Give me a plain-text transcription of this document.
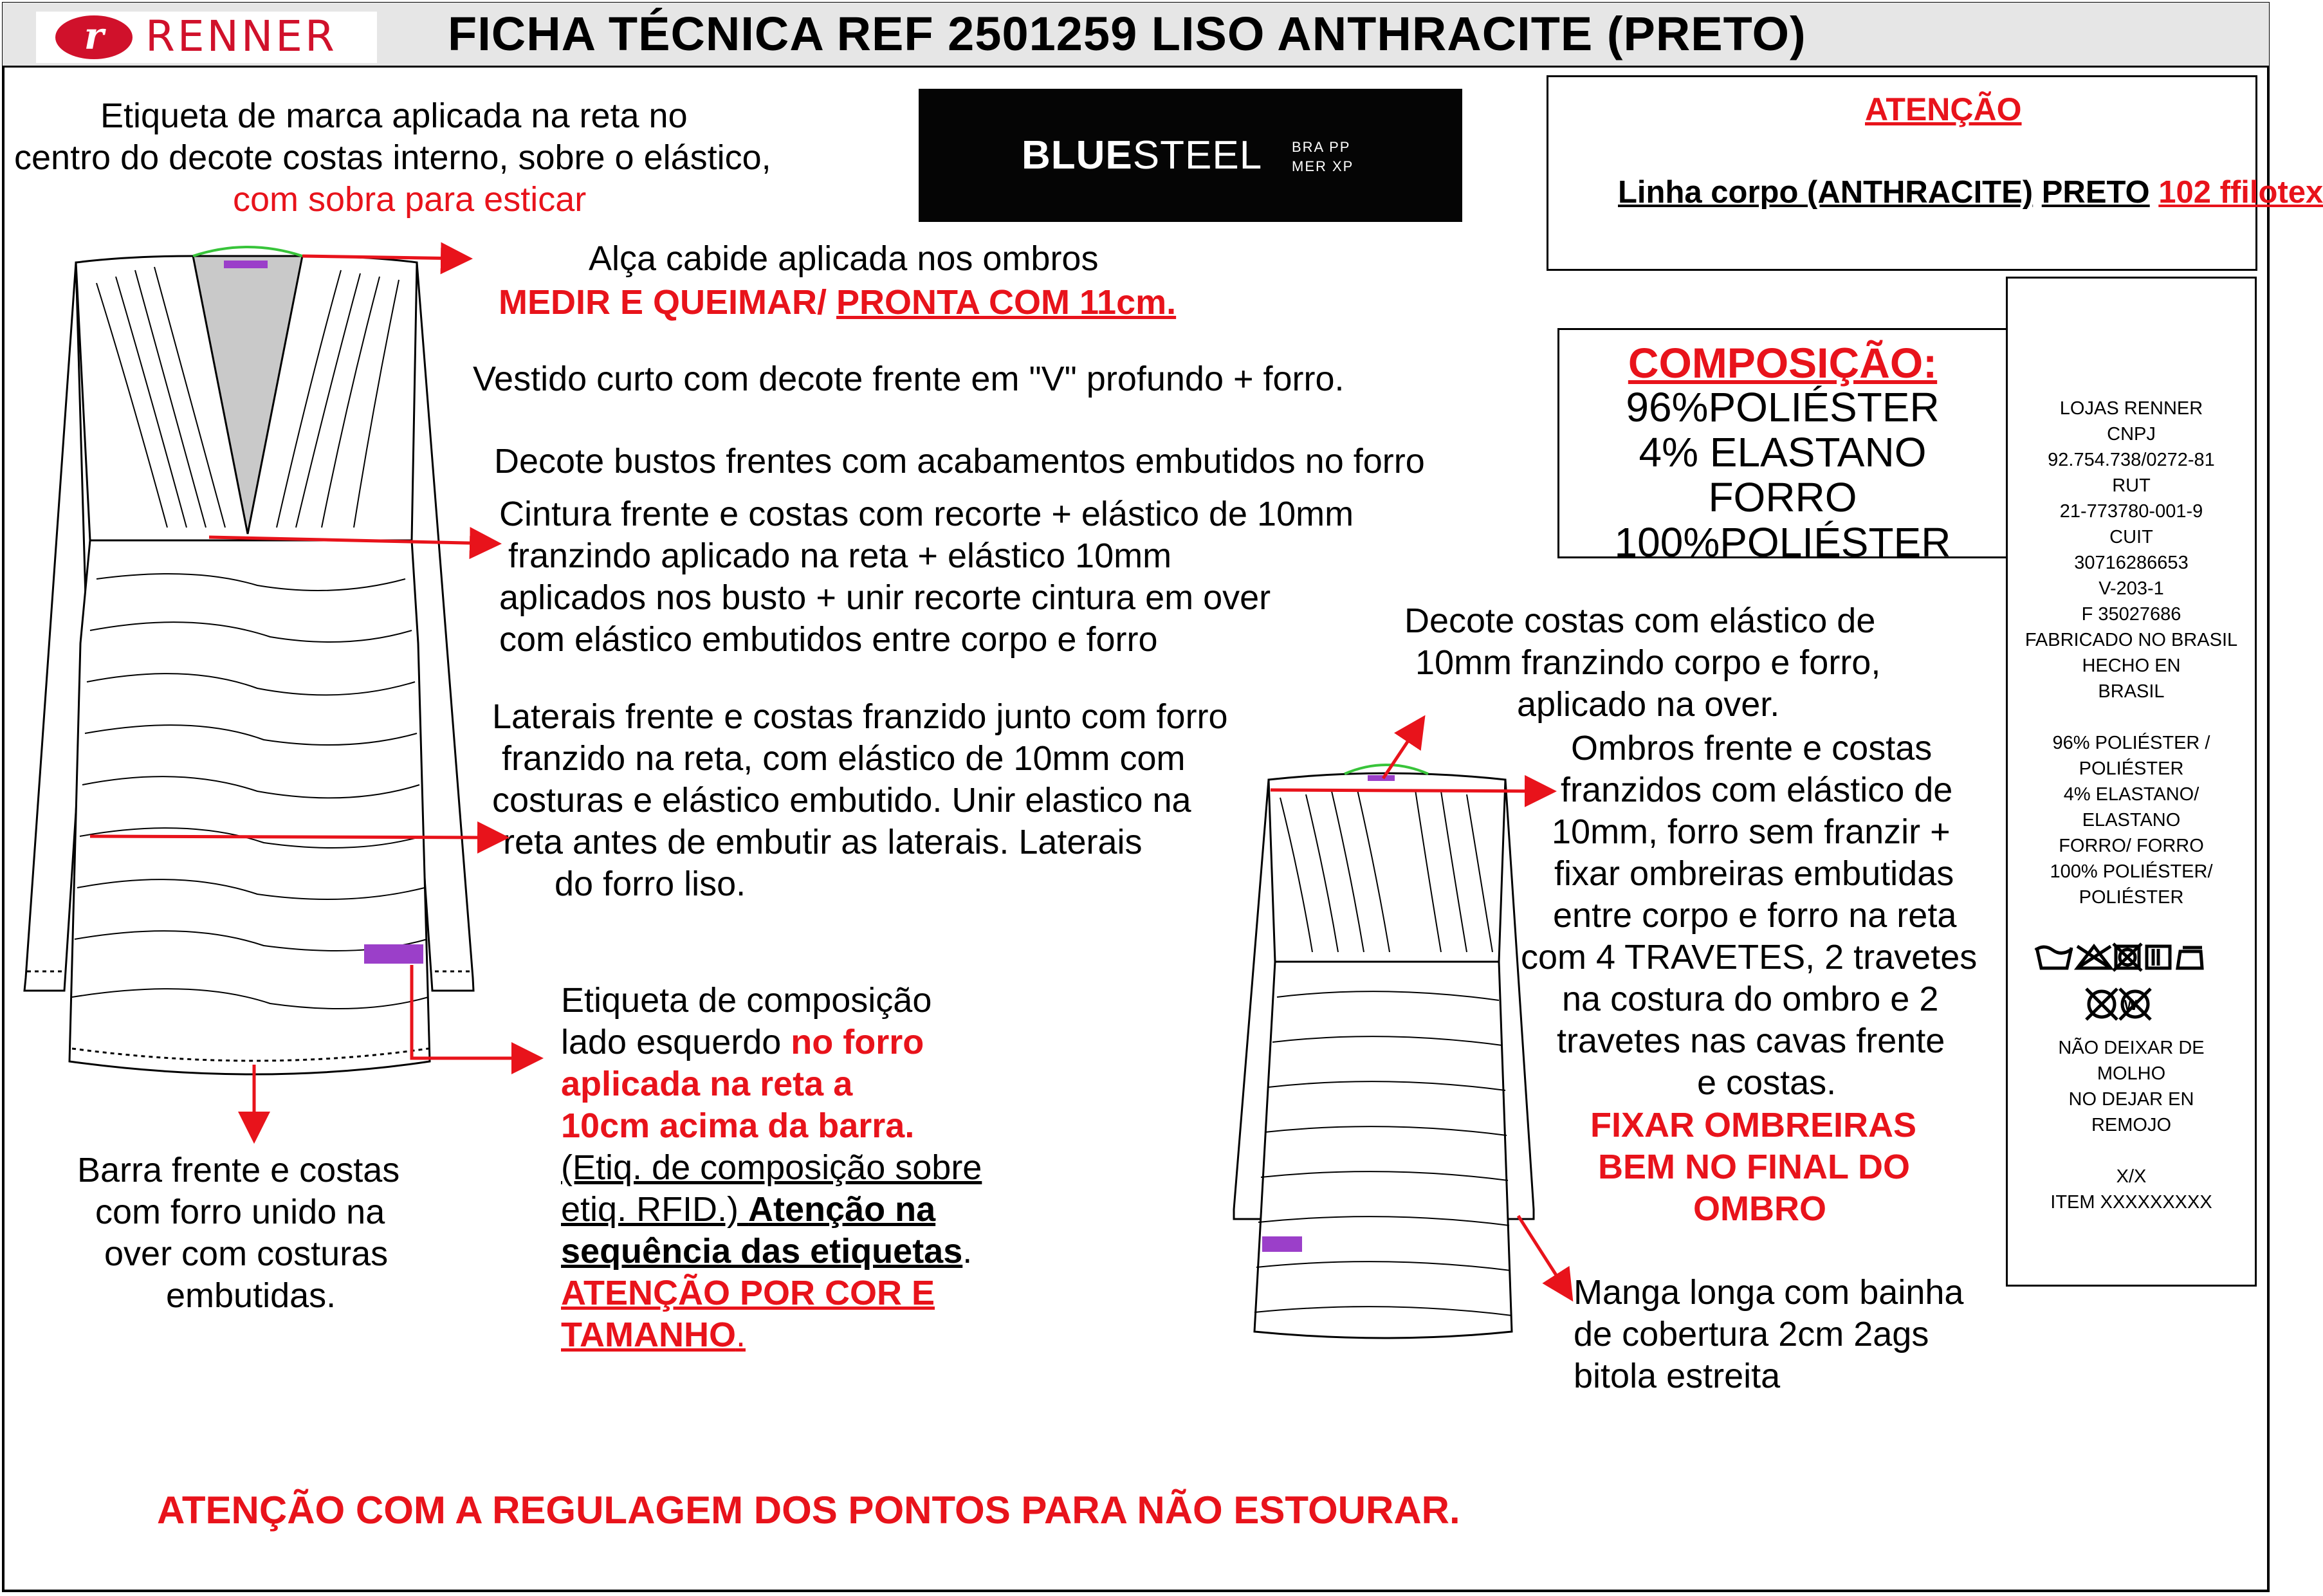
r RENNER FICHA TÉCNICA REF 2501259 LISO ANTHRACITE (PRETO)
Etiqueta de marca aplicada na reta no
centro do decote costas interno, sobre o elástico,
com sobra para esticar
BLUESTEEL BRA PP
MER XP
ATENÇÃO
Linha corpo (ANTHRACITE) PRETO 102 ffilotex
Alça cabide aplicada nos ombros
MEDIR E QUEIMAR/ PRONTA COM 11cm.
Vestido curto com decote frente em "V" profundo + forro.
Decote bustos frentes com acabamentos embutidos no forro
Cintura frente e costas com recorte + elástico de 10mm
franzindo aplicado na reta + elástico 10mm
aplicados nos busto + unir recorte cintura em over
com elástico embutidos entre corpo e forro
Laterais frente e costas franzido junto com forro
franzido na reta, com elástico de 10mm com
costuras e elástico embutido. Unir elastico na
reta antes de embutir as laterais. Laterais
do forro liso.
Etiqueta de composição
lado esquerdo no forro
aplicada na reta a
10cm acima da barra.
(Etiq. de composição sobre
etiq. RFID.) Atenção na
sequência das etiquetas.
ATENÇÃO POR COR E
TAMANHO.
Barra frente e costas
com forro unido na
over com costuras
embutidas.
COMPOSIÇÃO:
96%POLIÉSTER
4% ELASTANO
FORRO
100%POLIÉSTER
LOJAS RENNER
CNPJ
92.754.738/0272-81
RUT
21-773780-001-9
CUIT
30716286653
V-203-1
F 35027686
FABRICADO NO BRASIL
HECHO EN
BRASIL
96% POLIÉSTER /
POLIÉSTER
4% ELASTANO/
ELASTANO
FORRO/ FORRO
100% POLIÉSTER/
POLIÉSTER
W
NÃO DEIXAR DE
MOLHO
NO DEJAR EN
REMOJO
X/X
ITEM XXXXXXXXX
Decote costas com elástico de
10mm franzindo corpo e forro,
aplicado na over.
Ombros frente e costas
franzidos com elástico de
10mm, forro sem franzir +
fixar ombreiras embutidas
entre corpo e forro na reta
com 4 TRAVETES, 2 travetes
na costura do ombro e 2
travetes nas cavas frente
e costas.
FIXAR OMBREIRAS
BEM NO FINAL DO
OMBRO
Manga longa com bainha
de cobertura 2cm 2ags
bitola estreita
ATENÇÃO COM A REGULAGEM DOS PONTOS PARA NÃO ESTOURAR.
